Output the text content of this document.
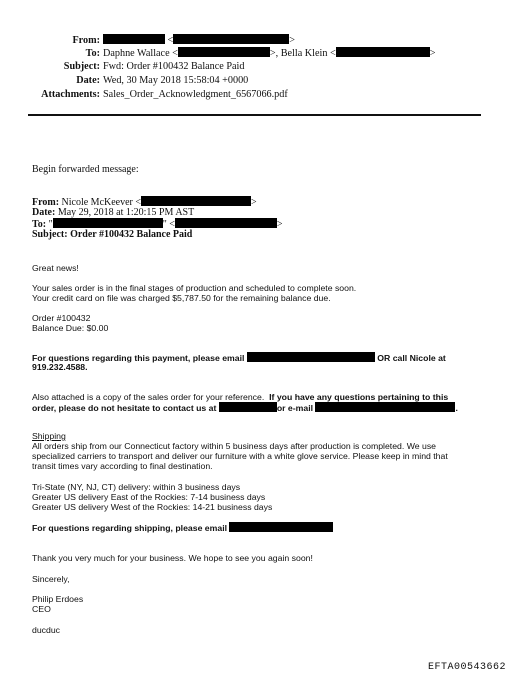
From:	<	>
To: Daphne Wallace <	>, Bella Klein <	>
Subject: Fwd: Order #100432 Balance Paid
Date: Wed, 30 May 2018 15:58:04 +0000
Attachments: Sales_Order_Acknowledgment_6567066.pdf
Begin forwarded message:
From: Nicole McKeever <	>
Date: May 29, 2018 at 1:20:15 PM AST
To: "	" <	>
Subject: Order #100432 Balance Paid
Great news!
Your sales order is in the final stages of production and scheduled to complete soon.
Your credit card on file was charged $5,787.50 for the remaining balance due.
Order #100432
Balance Due: $0.00
For questions regarding this payment, please email	OR call Nicole at
919.232.4588.
Also attached is a copy of the sales order for your reference. If you have any questions pertaining to this
order, please do not hesitate to contact us at	or e-mail	.
Shipping
All orders ship from our Connecticut factory within 5 business days after production is completed. We use
specialized carriers to transport and deliver our furniture with a white glove service. Please keep in mind that
transit times vary according to final destination.
Tri-State (NY, NJ, CT) delivery: within 3 business days
Greater US delivery East of the Rockies: 7-14 business days
Greater US delivery West of the Rockies: 14-21 business days
For questions regarding shipping, please email
Thank you very much for your business. We hope to see you again soon!
Sincerely,
Philip Erdoes
CEO
ducduc
EFTA00543662
